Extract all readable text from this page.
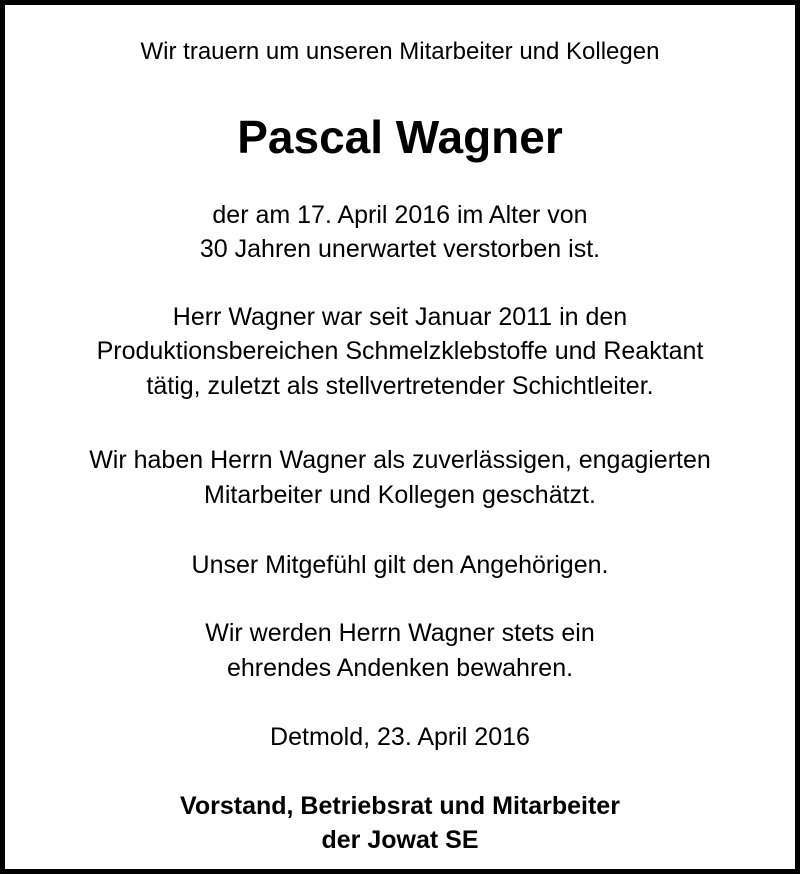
Wir trauern um unseren Mitarbeiter und Kollegen
Pascal Wagner
der am 17. April 2016 im Alter von
30 Jahren unerwartet verstorben ist.
Herr Wagner war seit Januar 2011 in den
Produktionsbereichen Schmelzklebstoffe und Reaktant
tätig, zuletzt als stellvertretender Schichtleiter.
Wir haben Herrn Wagner als zuverlässigen, engagierten
Mitarbeiter und Kollegen geschätzt.
Unser Mitgefühl gilt den Angehörigen.
Wir werden Herrn Wagner stets ein
ehrendes Andenken bewahren.
Detmold, 23. April 2016
Vorstand, Betriebsrat und Mitarbeiter
der Jowat SE
